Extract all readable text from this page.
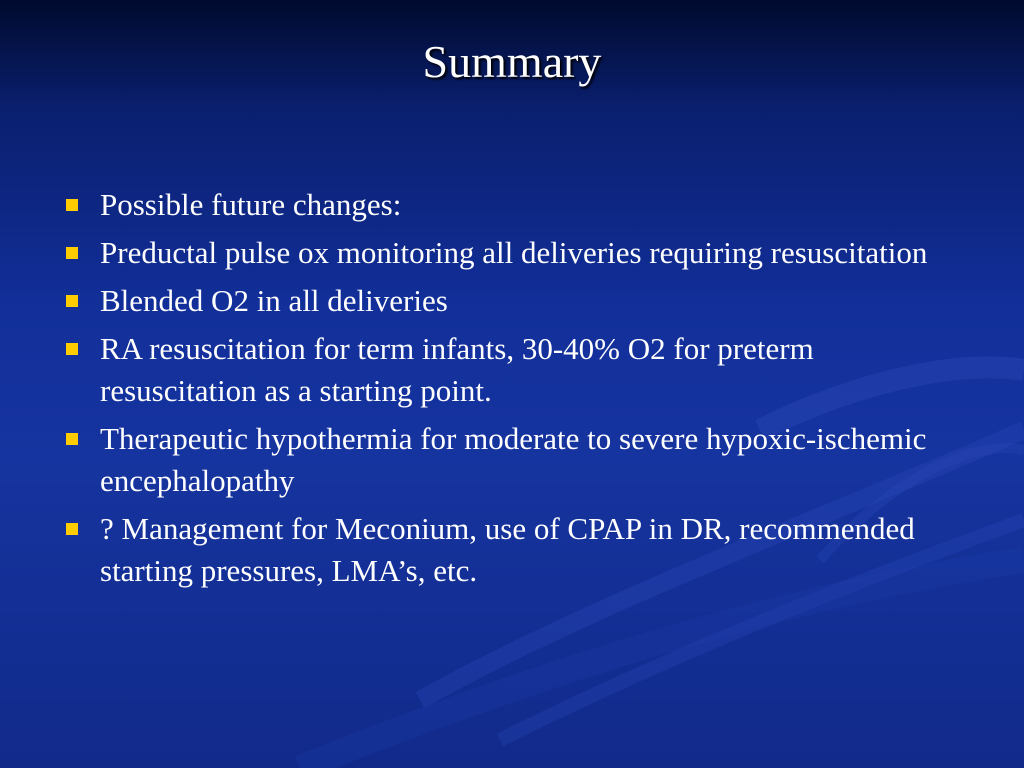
Summary
Possible future changes:
Preductal pulse ox monitoring all deliveries requiring resuscitation
Blended O2 in all deliveries
RA resuscitation for term infants, 30-40% O2 for preterm resuscitation as a starting point.
Therapeutic hypothermia for moderate to severe hypoxic-ischemic encephalopathy
? Management for Meconium, use of CPAP in DR, recommended starting pressures, LMA’s, etc.
